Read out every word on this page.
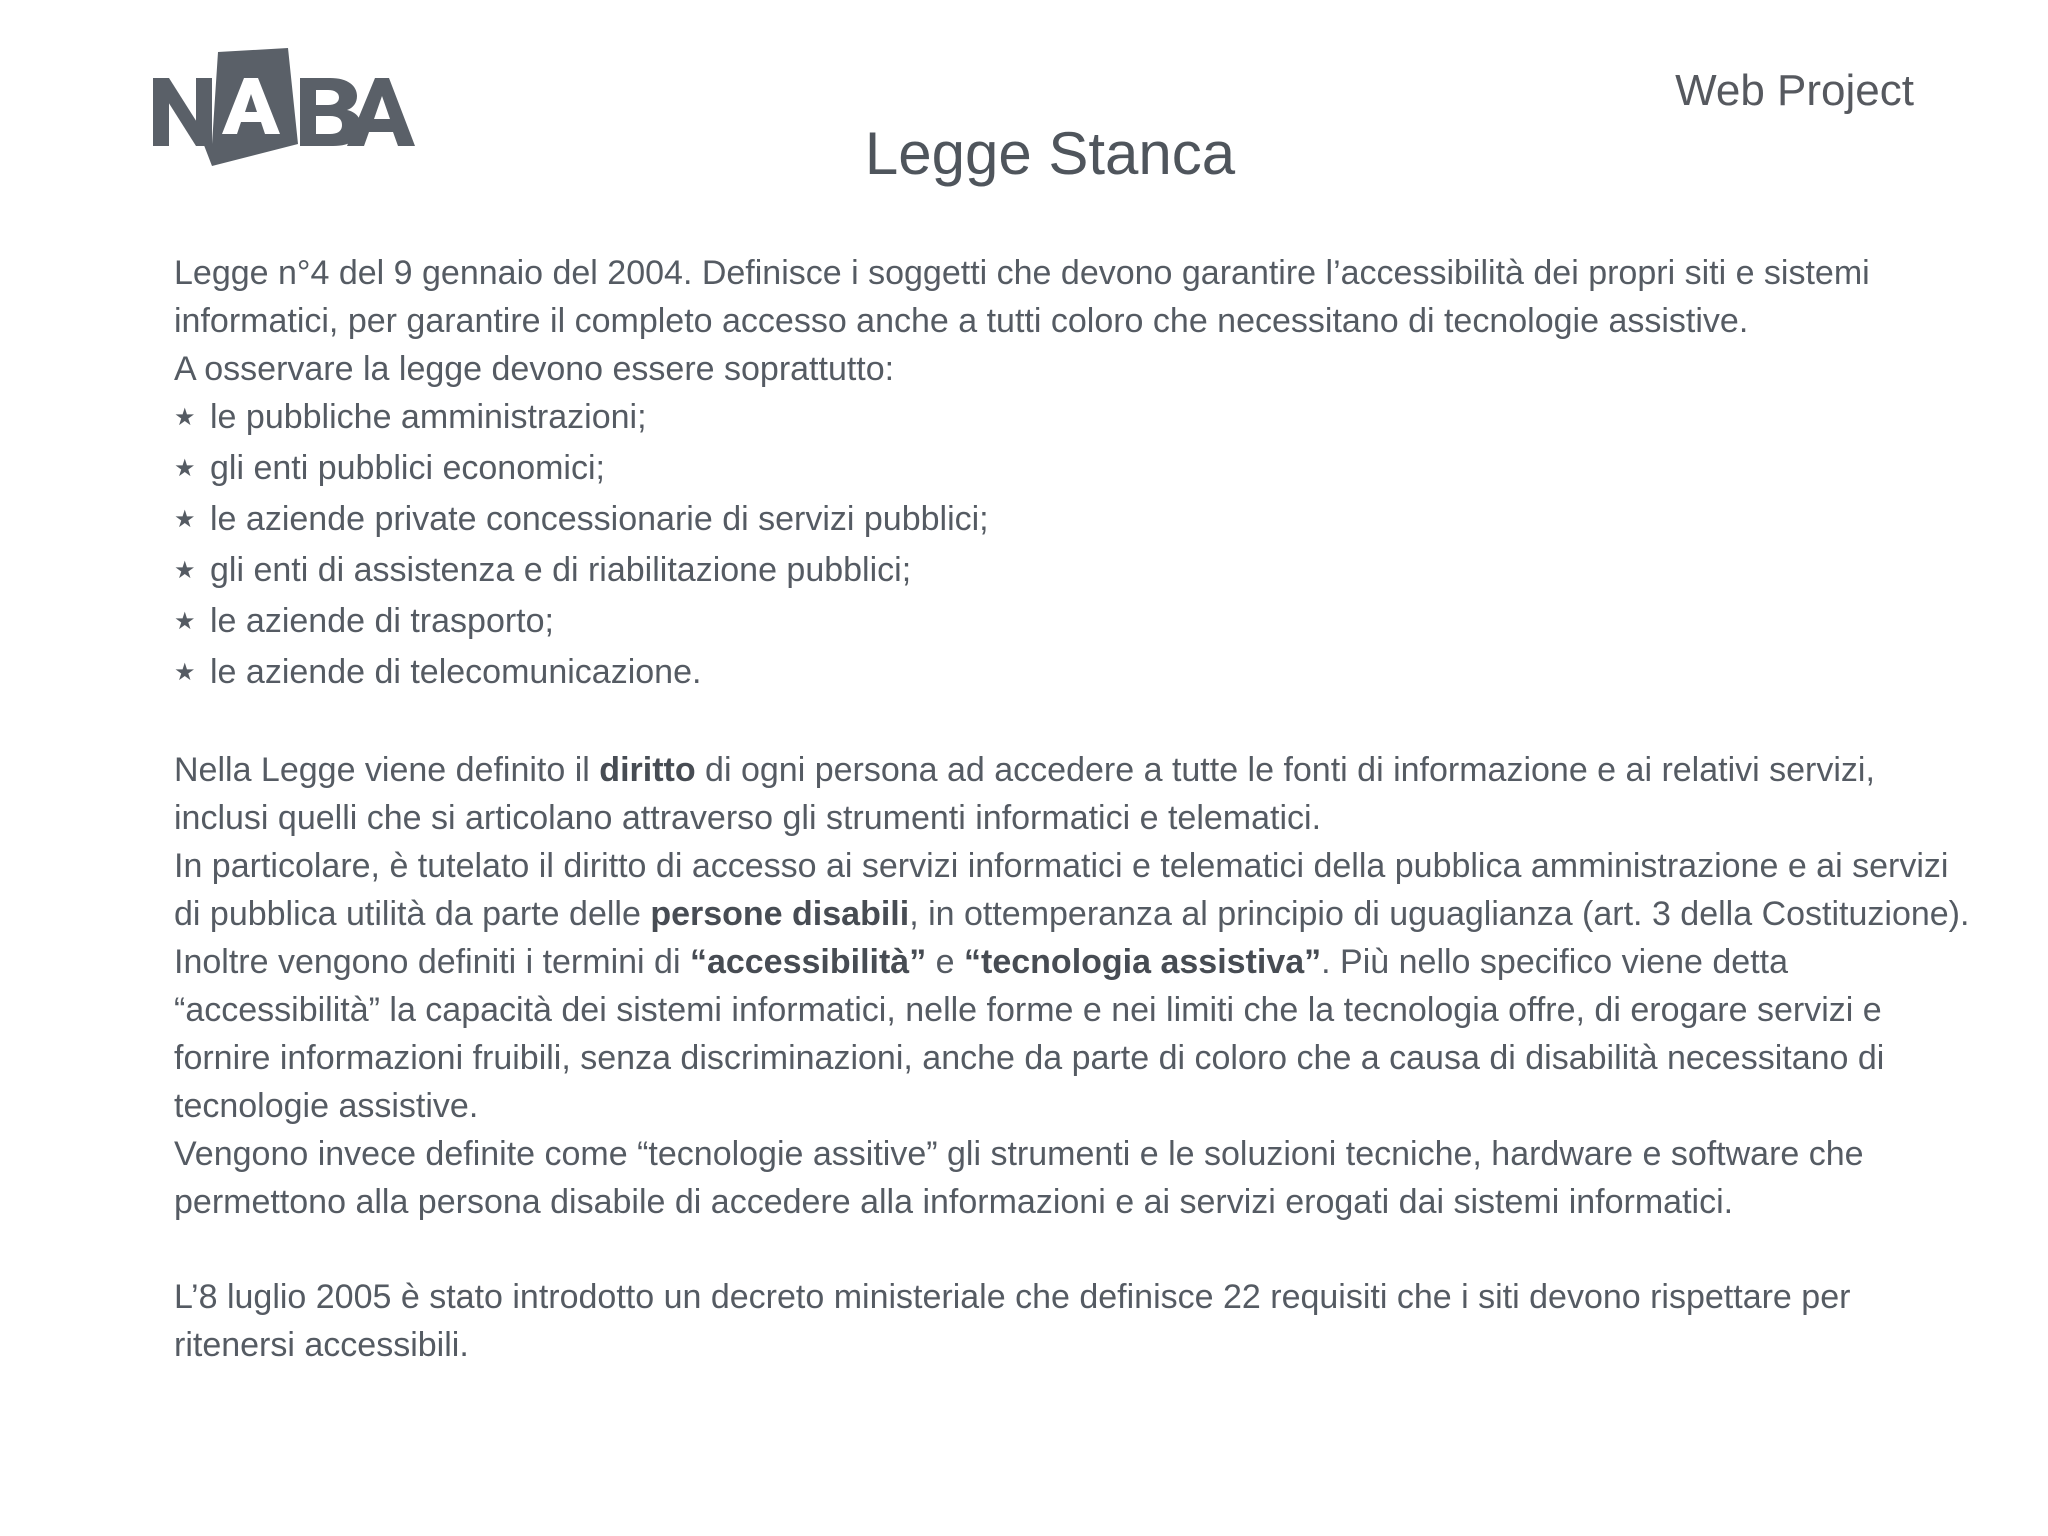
Web Project
Legge Stanca

Legge n°4 del 9 gennaio del 2004. Definisce i soggetti che devono garantire l’accessibilità dei propri siti e sistemi informatici, per garantire il completo accesso anche a tutti coloro che necessitano di tecnologie assistive.

A osservare la legge devono essere soprattutto:

★ le pubbliche amministrazioni;
★ gli enti pubblici economici;
★ le aziende private concessionarie di servizi pubblici;
★ gli enti di assistenza e di riabilitazione pubblici;
★ le aziende di trasporto;
★ le aziende di telecomunicazione.

Nella Legge viene definito il diritto di ogni persona ad accedere a tutte le fonti di informazione e ai relativi servizi, inclusi quelli che si articolano attraverso gli strumenti informatici e telematici.

In particolare, è tutelato il diritto di accesso ai servizi informatici e telematici della pubblica amministrazione e ai servizi di pubblica utilità da parte delle persone disabili, in ottemperanza al principio di uguaglianza (art. 3 della Costituzione).

Inoltre vengono definiti i termini di “accessibilità” e “tecnologia assistiva”. Più nello specifico viene detta “accessibilità” la capacità dei sistemi informatici, nelle forme e nei limiti che la tecnologia offre, di erogare servizi e fornire informazioni fruibili, senza discriminazioni, anche da parte di coloro che a causa di disabilità necessitano di tecnologie assistive.

Vengono invece definite come “tecnologie assitive” gli strumenti e le soluzioni tecniche, hardware e software che permettono alla persona disabile di accedere alla informazioni e ai servizi erogati dai sistemi informatici.

L’8 luglio 2005 è stato introdotto un decreto ministeriale che definisce 22 requisiti che i siti devono rispettare per ritenersi accessibili.
